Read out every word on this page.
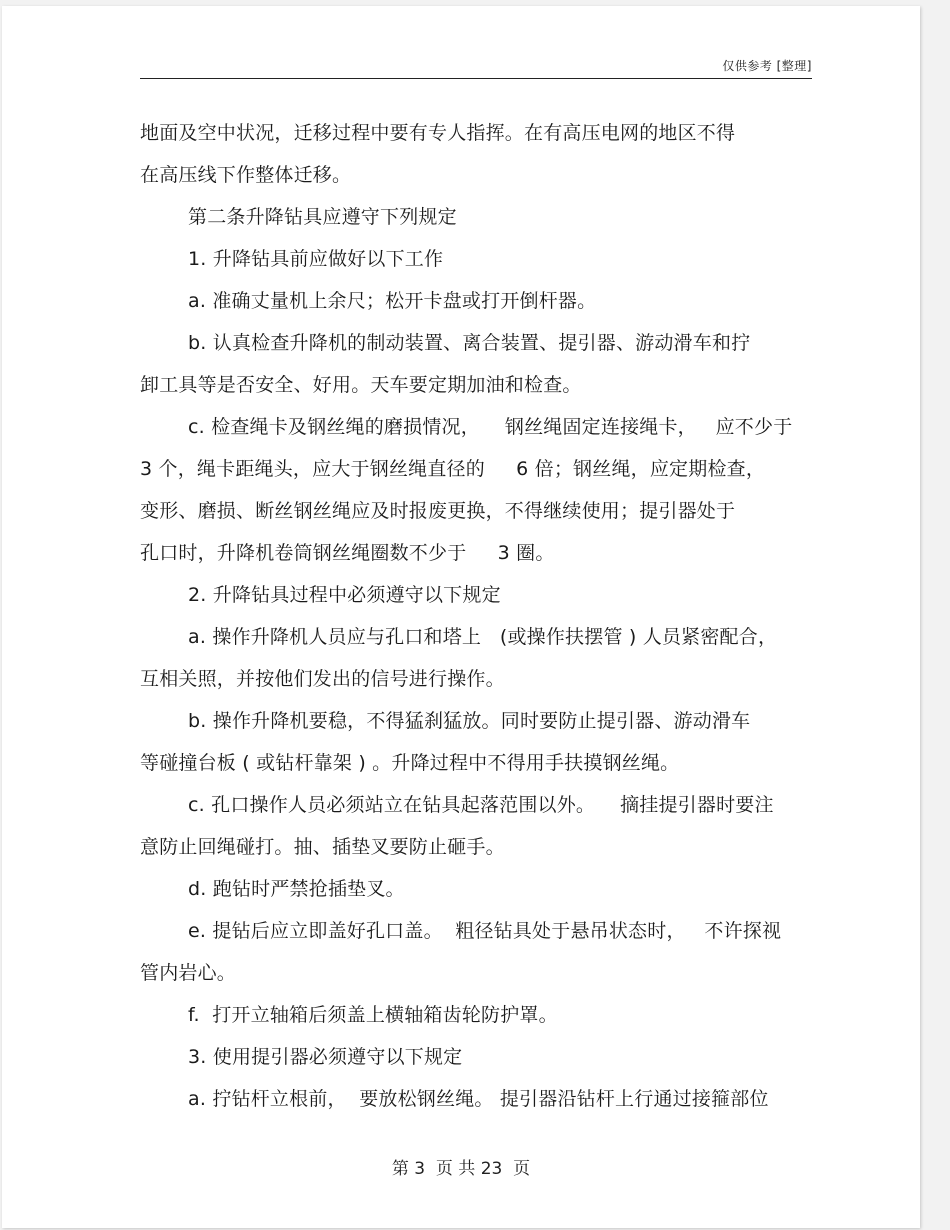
仅供参考 [整理]
地面及空中状况，迁移过程中要有专人指挥。在有高压电网的地区不得
在高压线下作整体迁移。
第二条升降钻具应遵守下列规定
1. 升降钻具前应做好以下工作
a. 准确丈量机上余尺；松开卡盘或打开倒杆器。
b. 认真检查升降机的制动装置、离合装置、提引器、游动滑车和拧
卸工具等是否安全、好用。天车要定期加油和检查。
c. 检查绳卡及钢丝绳的磨损情况，    钢丝绳固定连接绳卡，   应不少于
3 个，绳卡距绳头，应大于钢丝绳直径的     6 倍；钢丝绳，应定期检查，
变形、磨损、断丝钢丝绳应及时报废更换，不得继续使用；提引器处于
孔口时，升降机卷筒钢丝绳圈数不少于     3 圈。
2. 升降钻具过程中必须遵守以下规定
a. 操作升降机人员应与孔口和塔上   (或操作扶摆管 ) 人员紧密配合，
互相关照，并按他们发出的信号进行操作。
b. 操作升降机要稳，不得猛刹猛放。同时要防止提引器、游动滑车
等碰撞台板 ( 或钻杆靠架 ) 。升降过程中不得用手扶摸钢丝绳。
c. 孔口操作人员必须站立在钻具起落范围以外。    摘挂提引器时要注
意防止回绳碰打。抽、插垫叉要防止砸手。
d. 跑钻时严禁抢插垫叉。
e. 提钻后应立即盖好孔口盖。  粗径钻具处于悬吊状态时，   不许探视
管内岩心。
f.  打开立轴箱后须盖上横轴箱齿轮防护罩。
3. 使用提引器必须遵守以下规定
a. 拧钻杆立根前，  要放松钢丝绳。 提引器沿钻杆上行通过接箍部位
第 3  页 共 23  页
